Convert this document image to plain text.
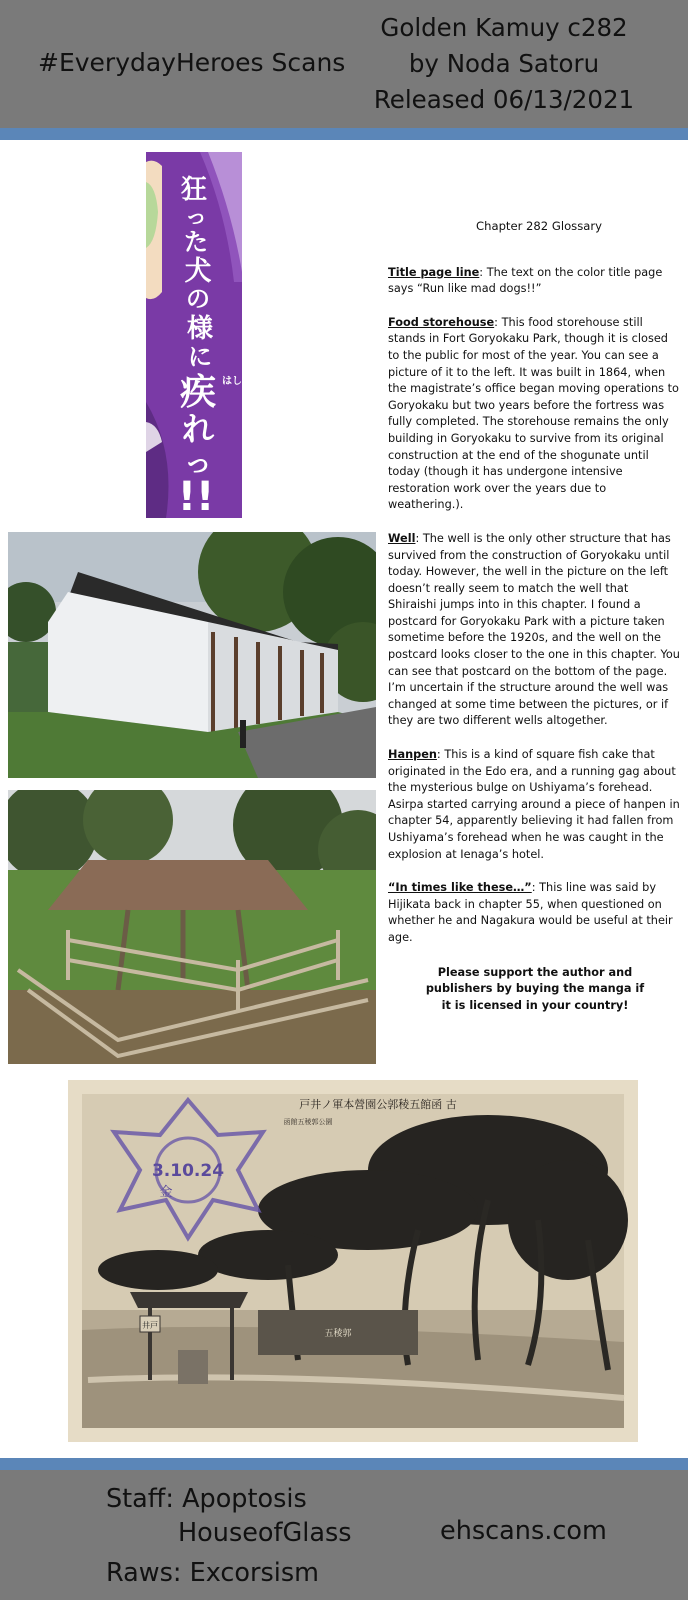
#EverydayHeroes Scans
Golden Kamuy c282
by Noda Satoru
Released 06/13/2021
狂
っ
た
犬
の
様
に
疾
れ
っ
!!
はし
Chapter 282 Glossary
Title page line: The text on the color title page says “Run like mad dogs!!”
Food storehouse: This food storehouse still stands in Fort Goryokaku Park, though it is closed to the public for most of the year. You can see a picture of it to the left. It was built in 1864, when the magistrate’s office began moving operations to Goryokaku but two years before the fortress was fully completed. The storehouse remains the only building in Goryokaku to survive from its original construction at the end of the shogunate until today (though it has undergone intensive restoration work over the years due to weathering.).
Well: The well is the only other structure that has survived from the construction of Goryokaku until today. However, the well in the picture on the left doesn’t really seem to match the well that Shiraishi jumps into in this chapter. I found a postcard for Goryokaku Park with a picture taken sometime before the 1920s, and the well on the postcard looks closer to the one in this chapter. You can see that postcard on the bottom of the page. I’m uncertain if the structure around the well was changed at some time between the pictures, or if they are two different wells altogether.
Hanpen: This is a kind of square fish cake that originated in the Edo era, and a running gag about the mysterious bulge on Ushiyama’s forehead. Asirpa started carrying around a piece of hanpen in chapter 54, apparently believing it had fallen from Ushiyama’s forehead when he was caught in the explosion at Ienaga’s hotel.
“In times like these…”: This line was said by Hijikata back in chapter 55, when questioned on whether he and Nagakura would be useful at their age.
Please support the author and
publishers by buying the manga if
it is licensed in your country!
井戸
五稜郭
戸井ノ軍本營園公郭稜五館函 古
函館五稜郭公園
3.10.24
金
Staff: Apoptosis
HouseofGlass
Raws: Excorsism
ehscans.com
